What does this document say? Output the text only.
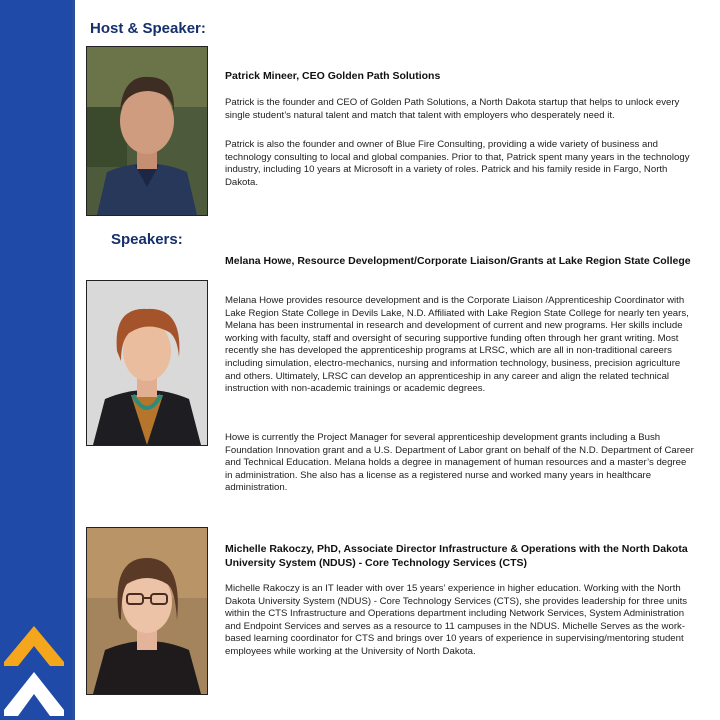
Host & Speaker:
Patrick Mineer, CEO Golden Path Solutions

Patrick is the founder and CEO of Golden Path Solutions, a North Dakota startup that helps to unlock every single student’s natural talent and match that talent with employers who desperately need it.

Patrick is also the founder and owner of Blue Fire Consulting, providing a wide variety of business and technology consulting to local and global companies. Prior to that, Patrick spent many years in the technology industry, including 10 years at Microsoft in a variety of roles. Patrick and his family reside in Fargo, North Dakota.

Speakers:
Melana Howe, Resource Development/Corporate Liaison/Grants at Lake Region State College

Melana Howe provides resource development and is the Corporate Liaison /Apprenticeship Coordinator with Lake Region State College in Devils Lake, N.D. Affiliated with Lake Region State College for nearly ten years, Melana has been instrumental in research and development of current and new programs. Her skills include working with faculty, staff and oversight of securing supportive funding often through her grant writing. Most recently she has developed the apprenticeship programs at LRSC, which are all in non-traditional careers including simulation, electro-mechanics, nursing and information technology, business, precision agriculture and others. Ultimately, LRSC can develop an apprenticeship in any career and align the related technical instruction with non-academic trainings or academic degrees.

Howe is currently the Project Manager for several apprenticeship development grants including a Bush Foundation Innovation grant and a U.S. Department of Labor grant on behalf of the N.D. Department of Career and Technical Education. Melana holds a degree in management of human resources and a master’s degree in administration. She also has a license as a registered nurse and worked many years in healthcare administration.

Michelle Rakoczy, PhD, Associate Director Infrastructure & Operations with the North Dakota University System (NDUS) - Core Technology Services (CTS)

Michelle Rakoczy is an IT leader with over 15 years’ experience in higher education. Working with the North Dakota University System (NDUS) - Core Technology Services (CTS), she provides leadership for three units within the CTS Infrastructure and Operations department including Network Services, System Administration and Endpoint Services and serves as a resource to 11 campuses in the NDUS. Michelle Serves as the work-based learning coordinator for CTS and brings over 10 years of experience in supervising/mentoring student employees while working at the University of North Dakota.
